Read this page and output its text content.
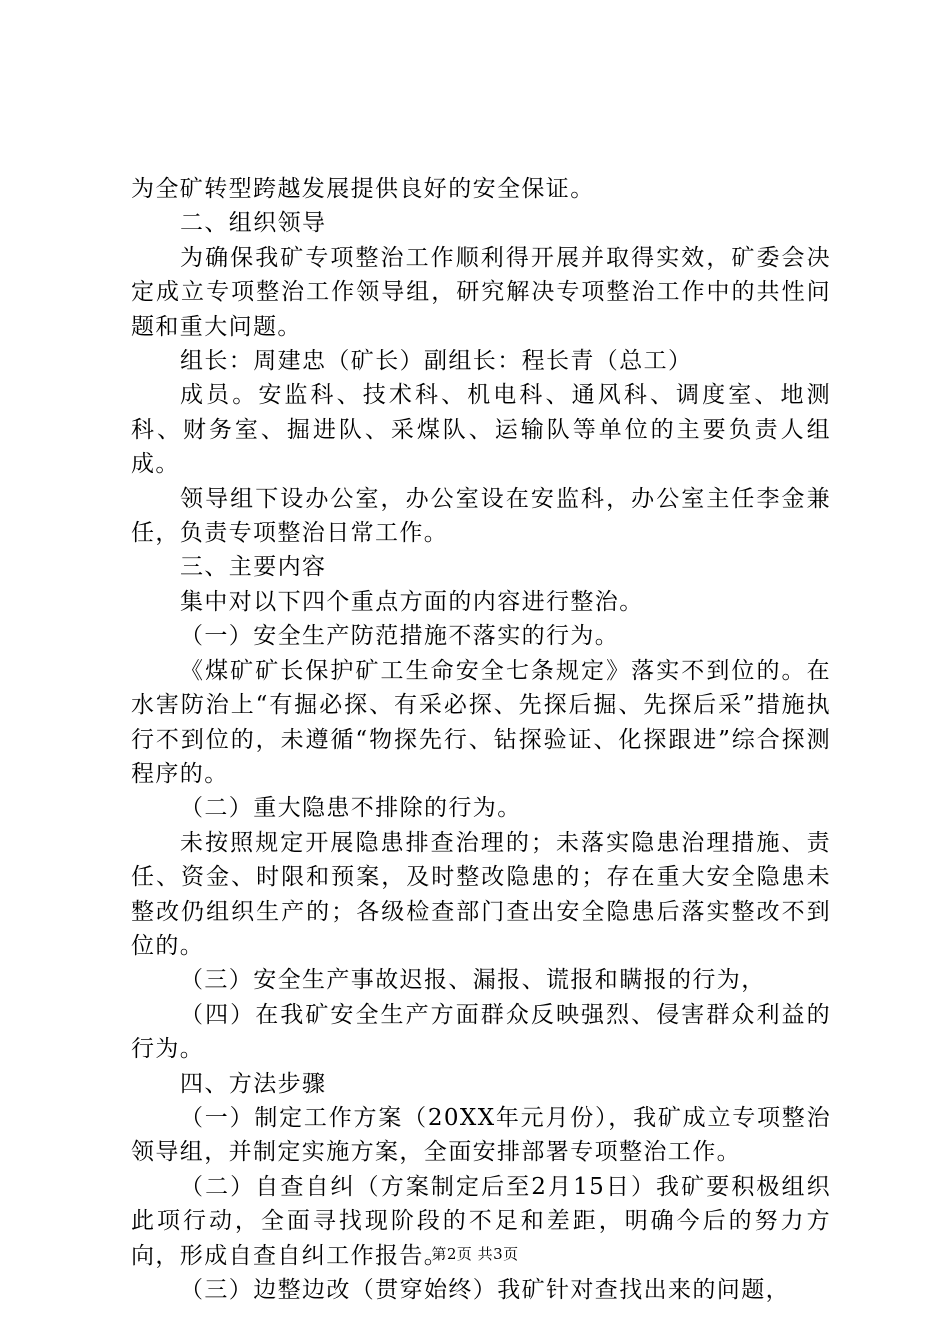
为全矿转型跨越发展提供良好的安全保证。

二、组织领导

为确保我矿专项整治工作顺利得开展并取得实效，矿委会决定成立专项整治工作领导组，研究解决专项整治工作中的共性问题和重大问题。

组长：周建忠（矿长）副组长：程长青（总工）

成员。安监科、技术科、机电科、通风科、调度室、地测科、财务室、掘进队、采煤队、运输队等单位的主要负责人组成。

领导组下设办公室，办公室设在安监科，办公室主任李金兼任，负责专项整治日常工作。

三、主要内容

集中对以下四个重点方面的内容进行整治。

（一）安全生产防范措施不落实的行为。

《煤矿矿长保护矿工生命安全七条规定》落实不到位的。在水害防治上“有掘必探、有采必探、先探后掘、先探后采”措施执行不到位的，未遵循“物探先行、钻探验证、化探跟进”综合探测程序的。

（二）重大隐患不排除的行为。

未按照规定开展隐患排查治理的；未落实隐患治理措施、责任、资金、时限和预案，及时整改隐患的；存在重大安全隐患未整改仍组织生产的；各级检查部门查出安全隐患后落实整改不到位的。

（三）安全生产事故迟报、漏报、谎报和瞒报的行为，

（四）在我矿安全生产方面群众反映强烈、侵害群众利益的行为。

四、方法步骤

（一）制定工作方案（20XX年元月份），我矿成立专项整治领导组，并制定实施方案，全面安排部署专项整治工作。

（二）自查自纠（方案制定后至2月15日）我矿要积极组织此项行动，全面寻找现阶段的不足和差距，明确今后的努力方向，形成自查自纠工作报告。

（三）边整边改（贯穿始终）我矿针对查找出来的问题，

第2页 共3页
